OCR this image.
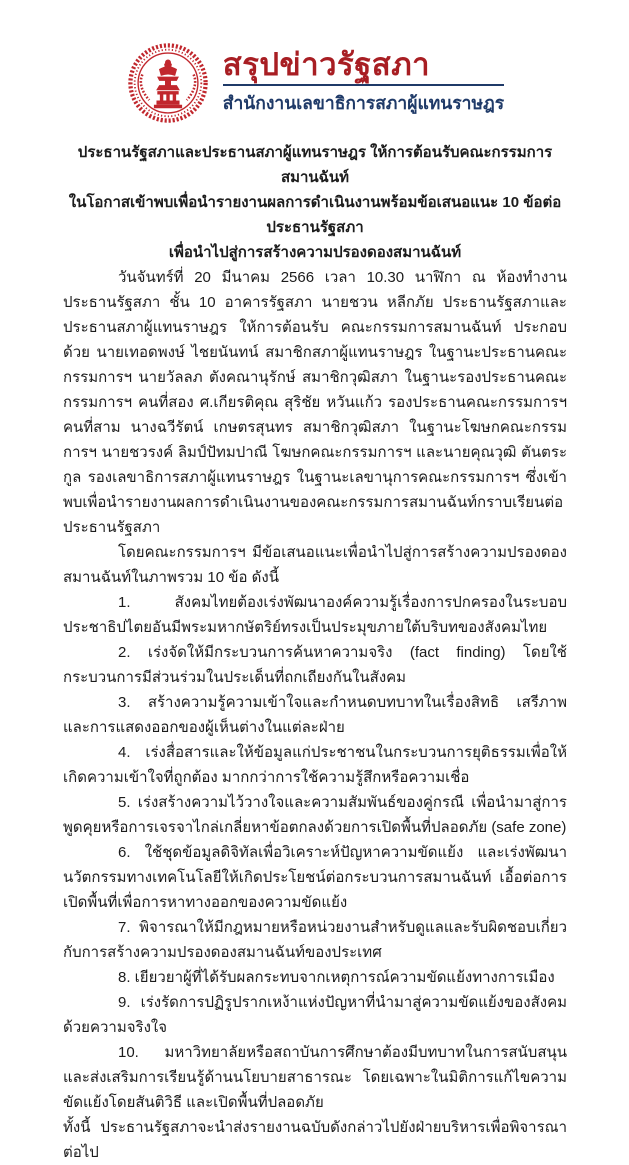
สรุปข่าวรัฐสภา
สำนักงานเลขาธิการสภาผู้แทนราษฎร

ประธานรัฐสภาและประธานสภาผู้แทนราษฎร ให้การต้อนรับคณะกรรมการสมานฉันท์

ในโอกาสเข้าพบเพื่อนำรายงานผลการดำเนินงานพร้อมข้อเสนอแนะ 10 ข้อต่อประธานรัฐสภา

เพื่อนำไปสู่การสร้างความปรองดองสมานฉันท์

วันจันทร์ที่ 20 มีนาคม 2566 เวลา 10.30 นาฬิกา ณ ห้องทำงานประธานรัฐสภา ชั้น 10 อาคารรัฐสภา นายชวน หลีกภัย ประธานรัฐสภาและประธานสภาผู้แทนราษฎร ให้การต้อนรับ คณะกรรมการสมานฉันท์ ประกอบด้วย นายเทอดพงษ์ ไชยนันทน์ สมาชิกสภาผู้แทนราษฎร ในฐานะประธานคณะกรรมการฯ นายวัลลภ ตังคณานุรักษ์ สมาชิกวุฒิสภา ในฐานะรองประธานคณะกรรมการฯ คนที่สอง ศ.เกียรติคุณ สุริชัย หวันแก้ว รองประธานคณะกรรมการฯ คนที่สาม นางฉวีรัตน์ เกษตรสุนทร สมาชิกวุฒิสภา ในฐานะโฆษกคณะกรรมการฯ นายชวรงค์ ลิมป์ปัทมปาณี โฆษกคณะกรรมการฯ และนายคุณวุฒิ ตันตระกูล รองเลขาธิการสภาผู้แทนราษฎร ในฐานะเลขานุการคณะกรรมการฯ ซึ่งเข้าพบเพื่อนำรายงานผลการดำเนินงานของคณะกรรมการสมานฉันท์กราบเรียนต่อประธานรัฐสภา

โดยคณะกรรมการฯ มีข้อเสนอแนะเพื่อนำไปสู่การสร้างความปรองดองสมานฉันท์ในภาพรวม 10 ข้อ ดังนี้

1. สังคมไทยต้องเร่งพัฒนาองค์ความรู้เรื่องการปกครองในระบอบประชาธิปไตยอันมีพระมหากษัตริย์ทรงเป็นประมุขภายใต้บริบทของสังคมไทย

2. เร่งจัดให้มีกระบวนการค้นหาความจริง (fact finding) โดยใช้กระบวนการมีส่วนร่วมในประเด็นที่ถกเถียงกันในสังคม

3. สร้างความรู้ความเข้าใจและกำหนดบทบาทในเรื่องสิทธิ เสรีภาพ และการแสดงออกของผู้เห็นต่างในแต่ละฝ่าย

4. เร่งสื่อสารและให้ข้อมูลแก่ประชาชนในกระบวนการยุติธรรมเพื่อให้เกิดความเข้าใจที่ถูกต้อง มากกว่าการใช้ความรู้สึกหรือความเชื่อ

5. เร่งสร้างความไว้วางใจและความสัมพันธ์ของคู่กรณี เพื่อนำมาสู่การพูดคุยหรือการเจรจาไกล่เกลี่ยหาข้อตกลงด้วยการเปิดพื้นที่ปลอดภัย (safe zone)

6. ใช้ชุดข้อมูลดิจิทัลเพื่อวิเคราะห์ปัญหาความขัดแย้ง และเร่งพัฒนานวัตกรรมทางเทคโนโลยีให้เกิดประโยชน์ต่อกระบวนการสมานฉันท์ เอื้อต่อการเปิดพื้นที่เพื่อการหาทางออกของความขัดแย้ง

7. พิจารณาให้มีกฎหมายหรือหน่วยงานสำหรับดูแลและรับผิดชอบเกี่ยวกับการสร้างความปรองดองสมานฉันท์ของประเทศ

8. เยียวยาผู้ที่ได้รับผลกระทบจากเหตุการณ์ความขัดแย้งทางการเมือง

9. เร่งรัดการปฏิรูปรากเหง้าแห่งปัญหาที่นำมาสู่ความขัดแย้งของสังคมด้วยความจริงใจ

10. มหาวิทยาลัยหรือสถาบันการศึกษาต้องมีบทบาทในการสนับสนุนและส่งเสริมการเรียนรู้ด้านนโยบายสาธารณะ โดยเฉพาะในมิติการแก้ไขความขัดแย้งโดยสันติวิธี และเปิดพื้นที่ปลอดภัย

ทั้งนี้ ประธานรัฐสภาจะนำส่งรายงานฉบับดังกล่าวไปยังฝ่ายบริหารเพื่อพิจารณาต่อไป
